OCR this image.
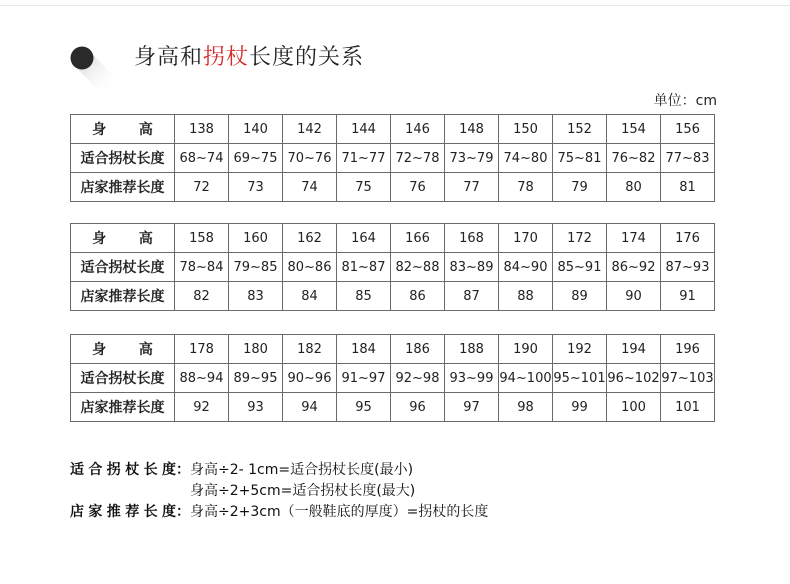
身高和拐杖长度的关系
单位：cm
身 高	138	140	142	144	146	148	150	152	154	156
适合拐杖长度	68~74	69~75	70~76	71~77	72~78	73~79	74~80	75~81	76~82	77~83
店家推荐长度	72	73	74	75	76	77	78	79	80	81
身 高	158	160	162	164	166	168	170	172	174	176
适合拐杖长度	78~84	79~85	80~86	81~87	82~88	83~89	84~90	85~91	86~92	87~93
店家推荐长度	82	83	84	85	86	87	88	89	90	91
身 高	178	180	182	184	186	188	190	192	194	196
适合拐杖长度	88~94	89~95	90~96	91~97	92~98	93~99	94~100	95~101	96~102	97~103
店家推荐长度	92	93	94	95	96	97	98	99	100	101
适合拐杖长度：身高÷2- 1cm=适合拐杖长度(最小)
身高÷2+5cm=适合拐杖长度(最大)
店家推荐长度：身高÷2+3cm（一般鞋底的厚度）=拐杖的长度
